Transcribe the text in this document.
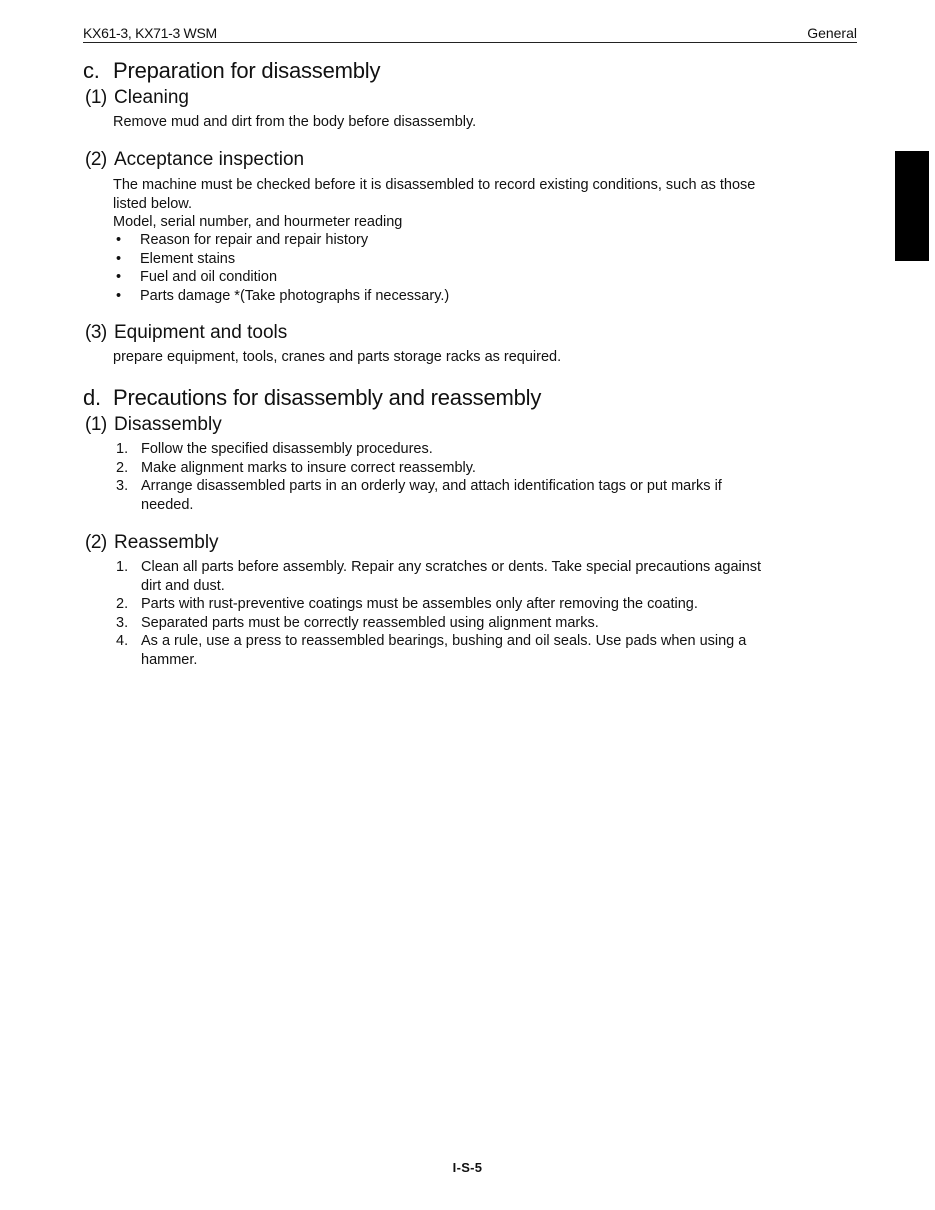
KX61-3, KX71-3 WSM	General
c. Preparation for disassembly
(1) Cleaning
Remove mud and dirt from the body before disassembly.
(2) Acceptance inspection
The machine must be checked before it is disassembled to record existing conditions, such as those
listed below.
Model, serial number, and hourmeter reading
• Reason for repair and repair history
• Element stains
• Fuel and oil condition
• Parts damage *(Take photographs if necessary.)
(3) Equipment and tools
prepare equipment, tools, cranes and parts storage racks as required.
d. Precautions for disassembly and reassembly
(1) Disassembly
1. Follow the specified disassembly procedures.
2. Make alignment marks to insure correct reassembly.
3. Arrange disassembled parts in an orderly way, and attach identification tags or put marks if
needed.
(2) Reassembly
1. Clean all parts before assembly. Repair any scratches or dents. Take special precautions against
dirt and dust.
2. Parts with rust-preventive coatings must be assembles only after removing the coating.
3. Separated parts must be correctly reassembled using alignment marks.
4. As a rule, use a press to reassembled bearings, bushing and oil seals. Use pads when using a
hammer.
I-S-5
